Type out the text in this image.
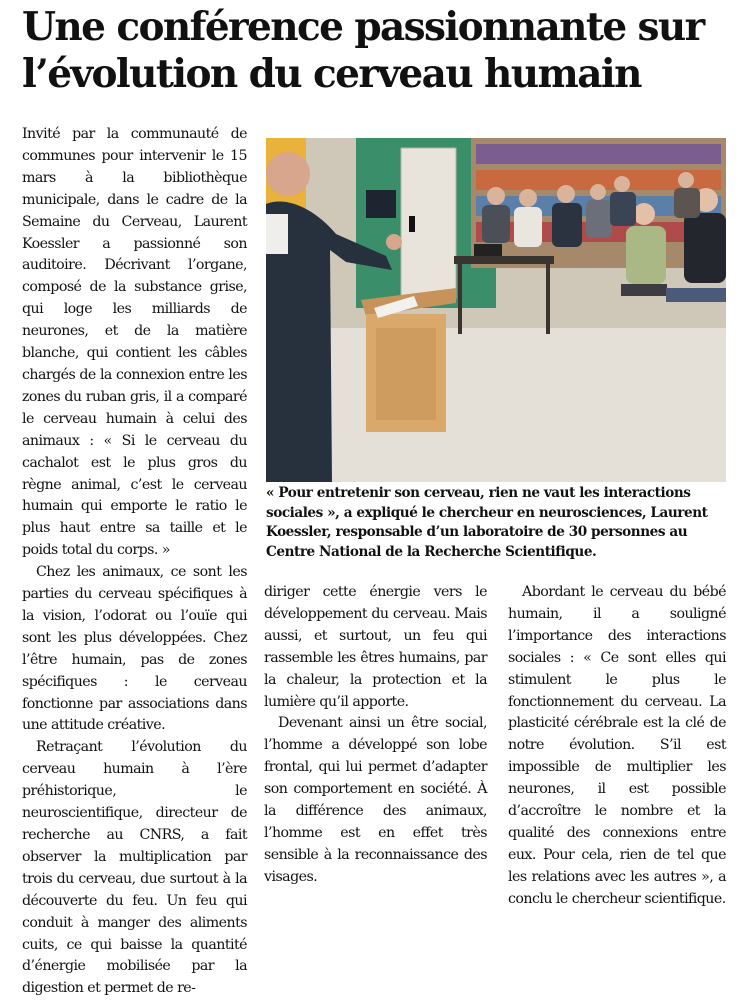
Une conférence passionnante sur
l’évolution du cerveau humain

Invité par la communauté de communes pour intervenir le 15 mars à la bibliothèque municipale, dans le cadre de la Semaine du Cerveau, Laurent Koessler a passionné son auditoire. Décrivant l’organe, composé de la substance grise, qui loge les milliards de neurones, et de la matière blanche, qui contient les câbles chargés de la connexion entre les zones du ruban gris, il a comparé le cerveau humain à celui des animaux : « Si le cerveau du cachalot est le plus gros du règne animal, c’est le cerveau humain qui emporte le ratio le plus haut entre sa taille et le poids total du corps. »

Chez les animaux, ce sont les parties du cerveau spécifiques à la vision, l’odorat ou l’ouïe qui sont les plus développées. Chez l’être humain, pas de zones spécifiques : le cerveau fonctionne par associations dans une attitude créative.

Retraçant l’évolution du cerveau humain à l’ère préhistorique, le neuroscientifique, directeur de recherche au CNRS, a fait observer la multiplication par trois du cerveau, due surtout à la découverte du feu. Un feu qui conduit à manger des aliments cuits, ce qui baisse la quantité d’énergie mobilisée par la digestion et permet de re-

« Pour entretenir son cerveau, rien ne vaut les interactions sociales », a expliqué le chercheur en neurosciences, Laurent Koessler, responsable d’un laboratoire de 30 personnes au Centre National de la Recherche Scientifique.

diriger cette énergie vers le développement du cerveau. Mais aussi, et surtout, un feu qui rassemble les êtres humains, par la chaleur, la protection et la lumière qu’il apporte.

Devenant ainsi un être social, l’homme a développé son lobe frontal, qui lui permet d’adapter son comportement en société. À la différence des animaux, l’homme est en effet très sensible à la reconnaissance des visages.

Abordant le cerveau du bébé humain, il a souligné l’importance des interactions sociales : « Ce sont elles qui stimulent le plus le fonctionnement du cerveau. La plasticité cérébrale est la clé de notre évolution. S’il est impossible de multiplier les neurones, il est possible d’accroître le nombre et la qualité des connexions entre eux. Pour cela, rien de tel que les relations avec les autres », a conclu le chercheur scientifique.
